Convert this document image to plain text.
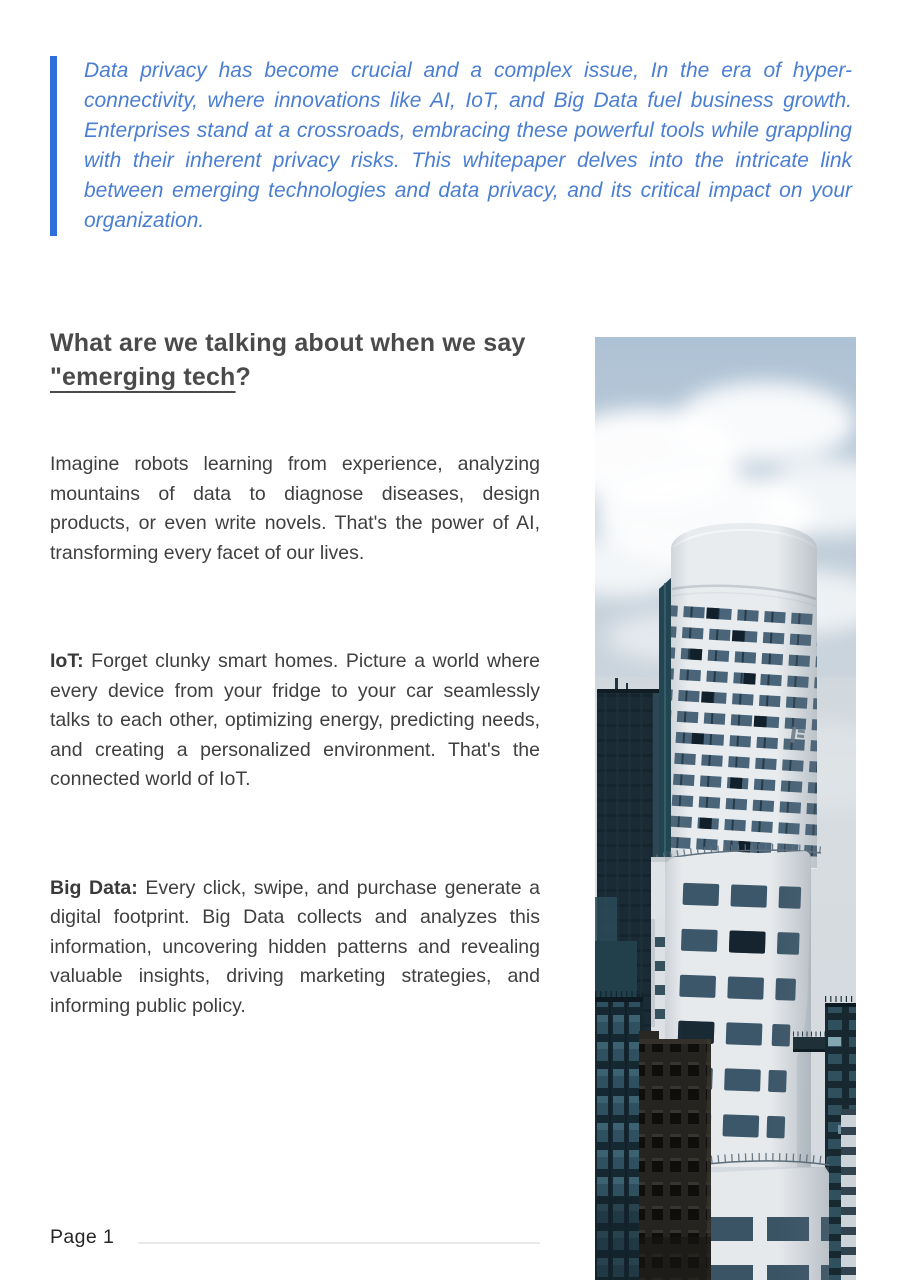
Data privacy has become crucial and a complex issue, In the era of hyper-connectivity, where innovations like AI, IoT, and Big Data fuel business growth. Enterprises stand at a crossroads, embracing these powerful tools while grappling with their inherent privacy risks. This whitepaper delves into the intricate link between emerging technologies and data privacy, and its critical impact on your organization.

What are we talking about when we say "emerging tech?

Imagine robots learning from experience, analyzing mountains of data to diagnose diseases, design products, or even write novels. That's the power of AI, transforming every facet of our lives.

IoT: Forget clunky smart homes. Picture a world where every device from your fridge to your car seamlessly talks to each other, optimizing energy, predicting needs, and creating a personalized environment. That's the connected world of IoT.

Big Data: Every click, swipe, and purchase generate a digital footprint. Big Data collects and analyzes this information, uncovering hidden patterns and revealing valuable insights, driving marketing strategies, and informing public policy.

Page 1
